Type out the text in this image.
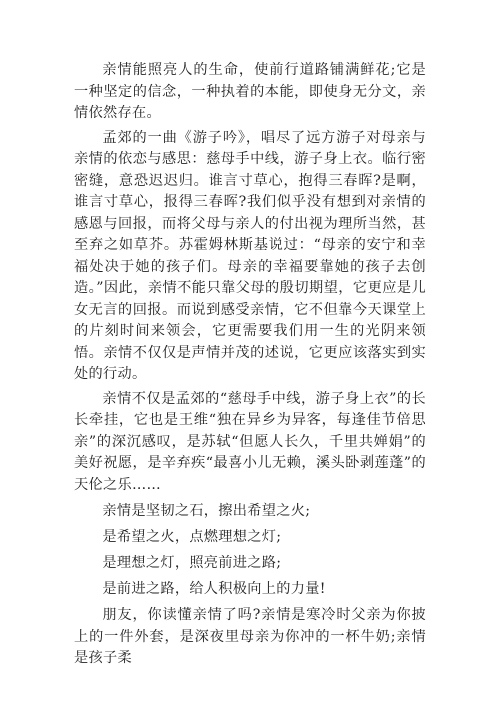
亲情能照亮人的生命，使前行道路铺满鲜花;它是一种坚定的信念，一种执着的本能，即使身无分文，亲情依然存在。

孟郊的一曲《游子吟》，唱尽了远方游子对母亲与亲情的依恋与感思：慈母手中线，游子身上衣。临行密密缝，意恐迟迟归。谁言寸草心，抱得三春晖?是啊，谁言寸草心，报得三春晖?我们似乎没有想到对亲情的感恩与回报，而将父母与亲人的付出视为理所当然，甚至弃之如草芥。苏霍姆林斯基说过：“母亲的安宁和幸福处决于她的孩子们。母亲的幸福要靠她的孩子去创造。”因此，亲情不能只靠父母的殷切期望，它更应是儿女无言的回报。而说到感受亲情，它不但靠今天课堂上的片刻时间来领会，它更需要我们用一生的光阴来领悟。亲情不仅仅是声情并茂的述说，它更应该落实到实处的行动。

亲情不仅是孟郊的“慈母手中线，游子身上衣”的长长牵挂，它也是王维“独在异乡为异客，每逢佳节倍思亲”的深沉感叹，是苏轼“但愿人长久，千里共婵娟”的美好祝愿，是辛弃疾“最喜小儿无赖，溪头卧剥莲蓬”的天伦之乐……

亲情是坚韧之石，擦出希望之火;

是希望之火，点燃理想之灯;

是理想之灯，照亮前进之路;

是前进之路，给人积极向上的力量!

朋友，你读懂亲情了吗?亲情是寒冷时父亲为你披上的一件外套，是深夜里母亲为你冲的一杯牛奶;亲情是孩子柔
